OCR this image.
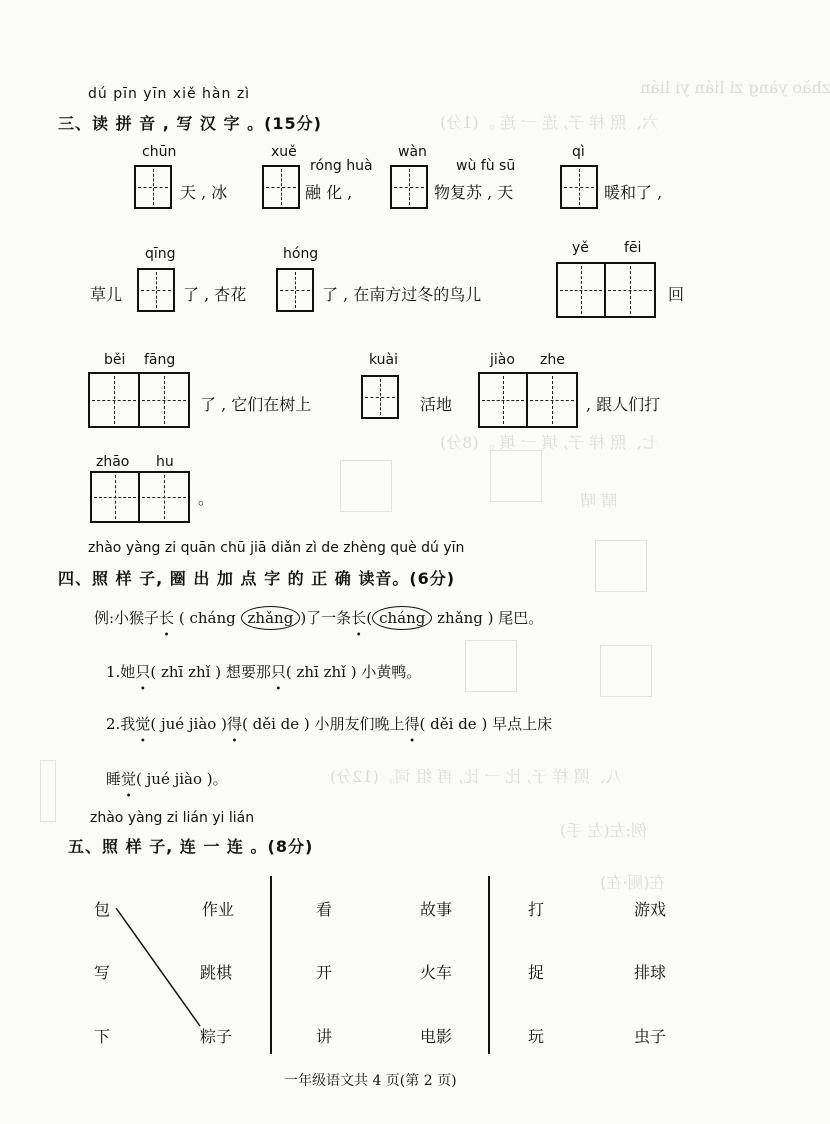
zhào yàng zi lián yi lián
六、照 样 子, 连 一 连 。(1分)
七、照 样 子, 填 一 填 。(8分)
八、照 样 子, 比 一 比, 再 组 词。(12分)
例:左(左 手)
睛 晴
在(厕·在)
dú pīn yīn xiě hàn zì
三、读 拼 音 , 写 汉 字 。(15分)
chūn
天 , 冰
xuě
róng huà
融 化 ,
wàn
wù fù sū
物复苏 , 天
qì
暖和了 ,
qīng
草儿	了 , 杏花
hóng
了 , 在南方过冬的鸟儿
yě	fēi
回
běi fāng
了 , 它们在树上
kuài
活地
jiào zhe
, 跟人们打
zhāo hu
。
zhào yàng zi quān chū jiā diǎn zì de zhèng què dú yīn
四、照 样 子, 圈 出 加 点 字 的 正 确 读音。(6分)
例:小猴子长 ( cháng zhǎng )了一条长( cháng zhǎng ) 尾巴。
1.她只( zhī zhǐ ) 想要那只( zhī zhǐ ) 小黄鸭。
2.我觉( jué jiào )得( děi de ) 小朋友们晚上得( děi de ) 早点上床
睡觉( jué jiào )。
zhào yàng zi lián yi lián
五、照 样 子, 连 一 连 。(8分)
包
写
下
作业
跳棋
粽子
看
开
讲
故事
火车
电影
打
捉
玩
游戏
排球
虫子
一年级语文共 4 页(第 2 页)
